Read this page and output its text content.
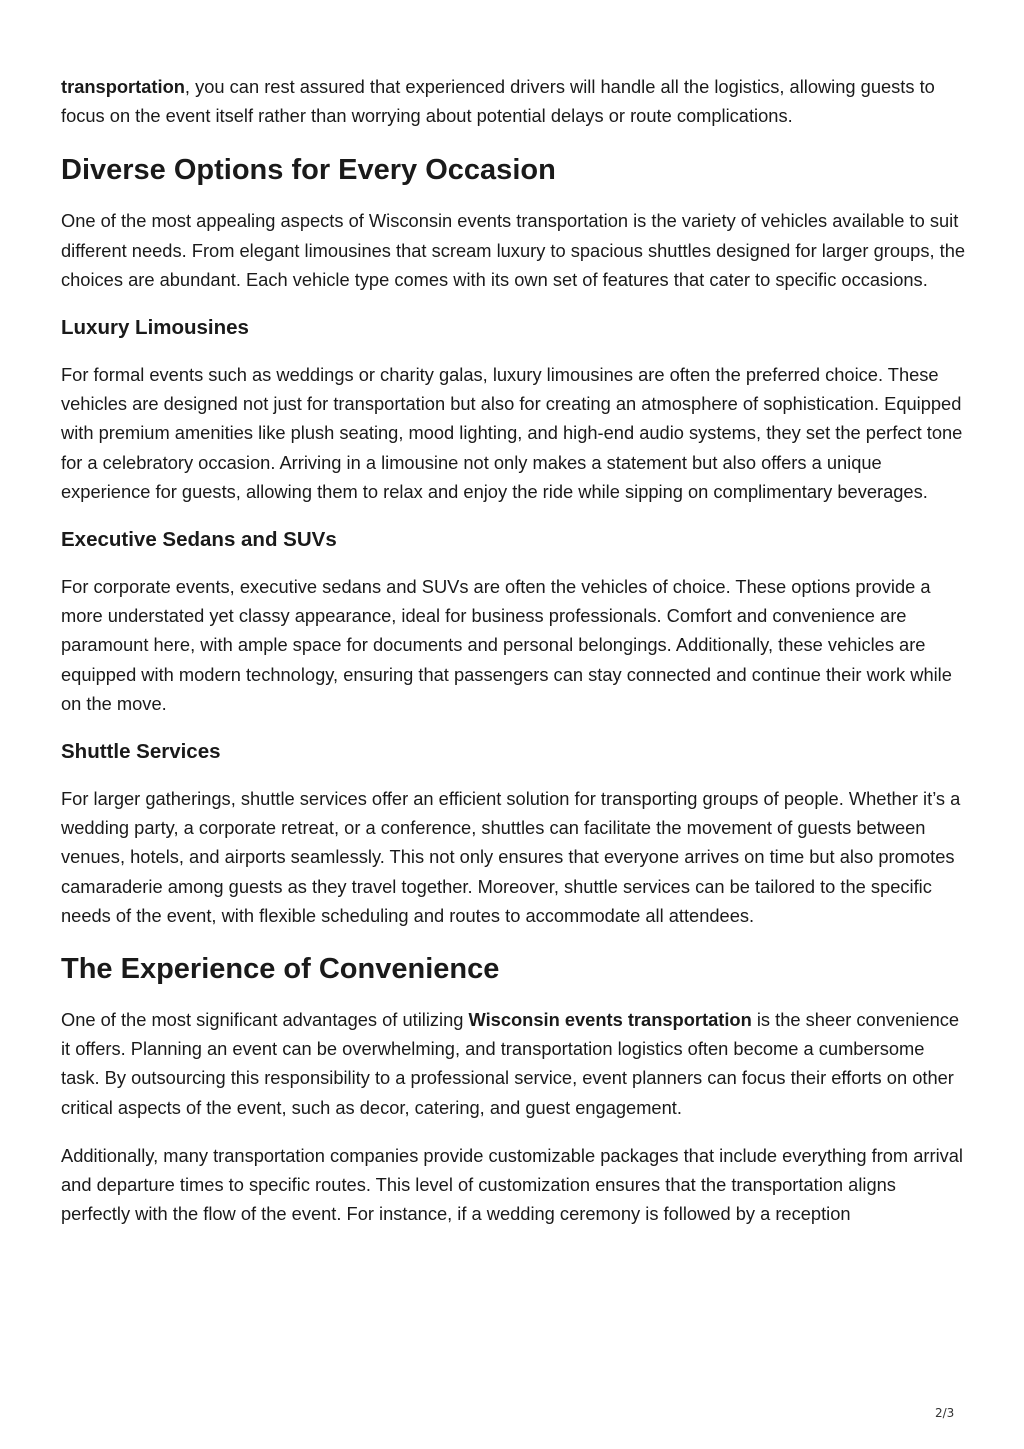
transportation, you can rest assured that experienced drivers will handle all the logistics, allowing guests to focus on the event itself rather than worrying about potential delays or route complications.

Diverse Options for Every Occasion

One of the most appealing aspects of Wisconsin events transportation is the variety of vehicles available to suit different needs. From elegant limousines that scream luxury to spacious shuttles designed for larger groups, the choices are abundant. Each vehicle type comes with its own set of features that cater to specific occasions.

Luxury Limousines

For formal events such as weddings or charity galas, luxury limousines are often the preferred choice. These vehicles are designed not just for transportation but also for creating an atmosphere of sophistication. Equipped with premium amenities like plush seating, mood lighting, and high-end audio systems, they set the perfect tone for a celebratory occasion. Arriving in a limousine not only makes a statement but also offers a unique experience for guests, allowing them to relax and enjoy the ride while sipping on complimentary beverages.

Executive Sedans and SUVs

For corporate events, executive sedans and SUVs are often the vehicles of choice. These options provide a more understated yet classy appearance, ideal for business professionals. Comfort and convenience are paramount here, with ample space for documents and personal belongings. Additionally, these vehicles are equipped with modern technology, ensuring that passengers can stay connected and continue their work while on the move.

Shuttle Services

For larger gatherings, shuttle services offer an efficient solution for transporting groups of people. Whether it’s a wedding party, a corporate retreat, or a conference, shuttles can facilitate the movement of guests between venues, hotels, and airports seamlessly. This not only ensures that everyone arrives on time but also promotes camaraderie among guests as they travel together. Moreover, shuttle services can be tailored to the specific needs of the event, with flexible scheduling and routes to accommodate all attendees.

The Experience of Convenience

One of the most significant advantages of utilizing Wisconsin events transportation is the sheer convenience it offers. Planning an event can be overwhelming, and transportation logistics often become a cumbersome task. By outsourcing this responsibility to a professional service, event planners can focus their efforts on other critical aspects of the event, such as decor, catering, and guest engagement.

Additionally, many transportation companies provide customizable packages that include everything from arrival and departure times to specific routes. This level of customization ensures that the transportation aligns perfectly with the flow of the event. For instance, if a wedding ceremony is followed by a reception

2/3
